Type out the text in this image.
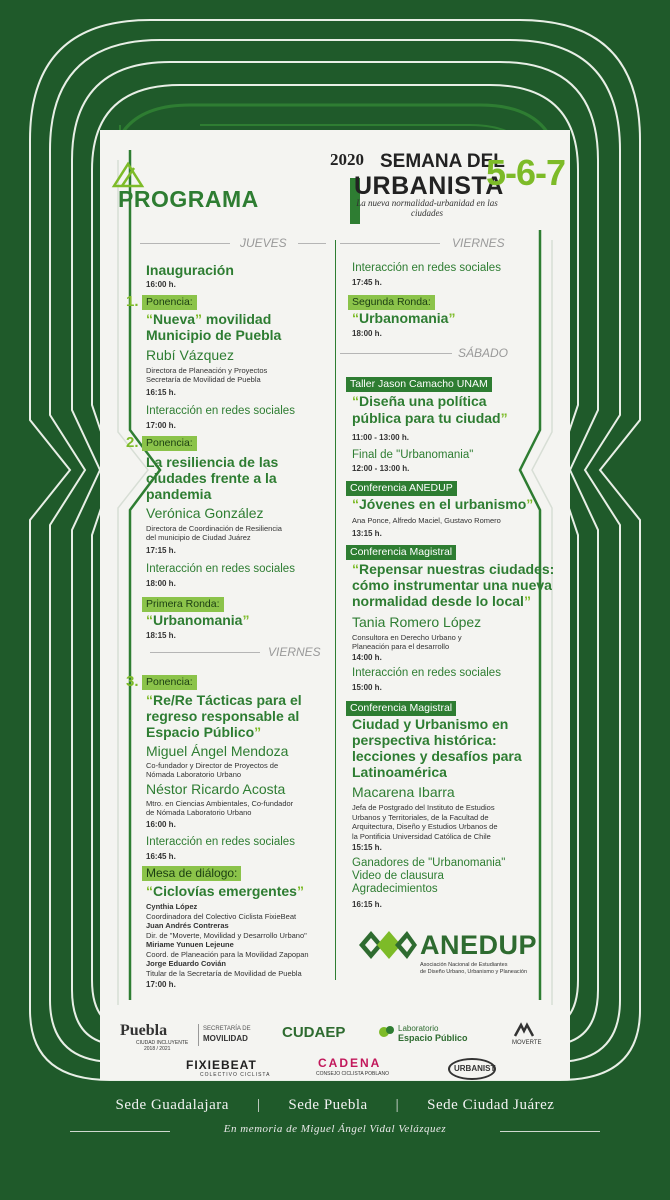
PROGRAMA
2020 SEMANA DEL
URBANISTA
La nueva normalidad-urbanidad en las ciudades
5-6-7
JUEVES
Inauguración
16:00 h.
1. Ponencia:
“Nueva” movilidad
Municipio de Puebla
Rubí Vázquez
Directora de Planeación y Proyectos
Secretaría de Movilidad de Puebla
16:15 h.
Interacción en redes sociales
17:00 h.
2. Ponencia:
La resiliencia de las
ciudades frente a la
pandemia
Verónica González
Directora de Coordinación de Resiliencia
del municipio de Ciudad Juárez
17:15 h.
Interacción en redes sociales
18:00 h.
Primera Ronda:
“Urbanomania”
18:15 h.
VIERNES
3. Ponencia:
“Re/Re Tácticas para el
regreso responsable al
Espacio Público”
Miguel Ángel Mendoza
Co-fundador y Director de Proyectos de
Nómada Laboratorio Urbano
Néstor Ricardo Acosta
Mtro. en Ciencias Ambientales, Co-fundador
de Nómada Laboratorio Urbano
16:00 h.
Interacción en redes sociales
16:45 h.
Mesa de diálogo:
“Ciclovías emergentes”
Cynthia López
Coordinadora del Colectivo Ciclista FixieBeat
Juan Andrés Contreras
Dir. de "Moverte, Movilidad y Desarrollo Urbano"
Miriame Yunuen Lejeune
Coord. de Planeación para la Movilidad Zapopan
Jorge Eduardo Covián
Titular de la Secretaría de Movilidad de Puebla
17:00 h.
VIERNES
Interacción en redes sociales
17:45 h.
Segunda Ronda:
“Urbanomania”
18:00 h.
SÁBADO
Taller Jason Camacho UNAM
“Diseña una política
pública para tu ciudad”
11:00 - 13:00 h.
Final de "Urbanomania"
12:00 - 13:00 h.
Conferencia ANEDUP
“Jóvenes en el urbanismo”
Ana Ponce, Alfredo Maciel, Gustavo Romero
13:15 h.
Conferencia Magistral
“Repensar nuestras ciudades:
cómo instrumentar una nueva
normalidad desde lo local”
Tania Romero López
Consultora en Derecho Urbano y
Planeación para el desarrollo
14:00 h.
Interacción en redes sociales
15:00 h.
Conferencia Magistral
Ciudad y Urbanismo en
perspectiva histórica:
lecciones y desafíos para
Latinoamérica
Macarena Ibarra
Jefa de Postgrado del Instituto de Estudios
Urbanos y Territoriales, de la Facultad de
Arquitectura, Diseño y Estudios Urbanos de
la Pontificia Universidad Católica de Chile
15:15 h.
Ganadores de "Urbanomania"
Video de clausura
Agradecimientos
16:15 h.
ANEDUP
Asociación Nacional de Estudiantes
de Diseño Urbano, Urbanismo y Planeación
Puebla
CIUDAD INCLUYENTE
2018 / 2021
SECRETARÍA DE
MOVILIDAD CUDAEP	Laboratorio
Espacio Público	MOVERTE
FIXIEBEAT
COLECTIVO CICLISTA
CADENA
CONSEJO CICLISTA POBLANO
URBANIST
Sede Guadalajara | Sede Puebla | Sede Ciudad Juárez
En memoria de Miguel Ángel Vidal Velázquez
